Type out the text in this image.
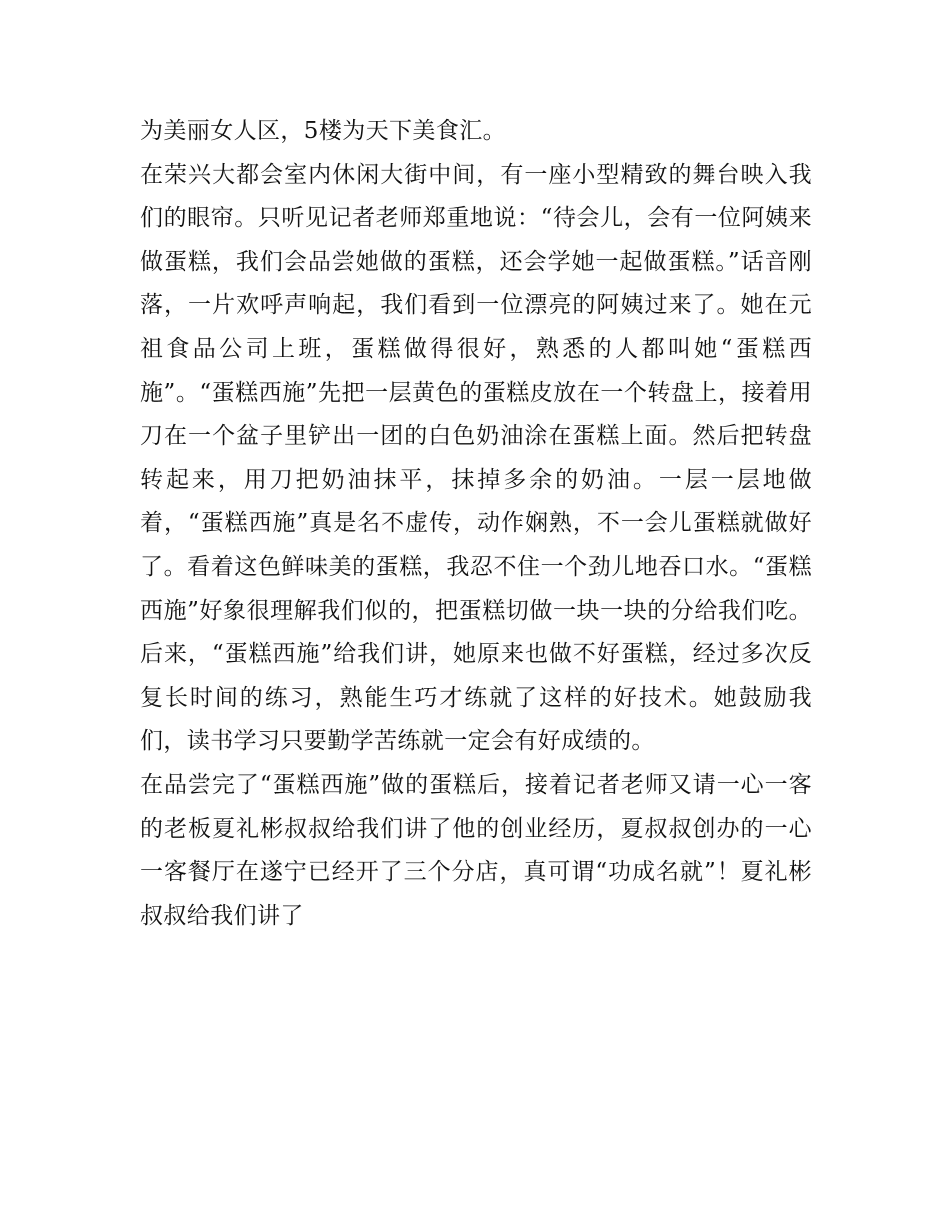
为美丽女人区，5楼为天下美食汇。

在荣兴大都会室内休闲大街中间，有一座小型精致的舞台映入我们的眼帘。只听见记者老师郑重地说：“待会儿，会有一位阿姨来做蛋糕，我们会品尝她做的蛋糕，还会学她一起做蛋糕。”话音刚落，一片欢呼声响起，我们看到一位漂亮的阿姨过来了。她在元祖食品公司上班，蛋糕做得很好，熟悉的人都叫她“蛋糕西施”。“蛋糕西施”先把一层黄色的蛋糕皮放在一个转盘上，接着用刀在一个盆子里铲出一团的白色奶油涂在蛋糕上面。然后把转盘转起来，用刀把奶油抹平，抹掉多余的奶油。一层一层地做着，“蛋糕西施”真是名不虚传，动作娴熟，不一会儿蛋糕就做好了。看着这色鲜味美的蛋糕，我忍不住一个劲儿地吞口水。“蛋糕西施”好象很理解我们似的，把蛋糕切做一块一块的分给我们吃。后来，“蛋糕西施”给我们讲，她原来也做不好蛋糕，经过多次反复长时间的练习，熟能生巧才练就了这样的好技术。她鼓励我们，读书学习只要勤学苦练就一定会有好成绩的。

在品尝完了“蛋糕西施”做的蛋糕后，接着记者老师又请一心一客的老板夏礼彬叔叔给我们讲了他的创业经历，夏叔叔创办的一心一客餐厅在遂宁已经开了三个分店，真可谓“功成名就”！夏礼彬叔叔给我们讲了
